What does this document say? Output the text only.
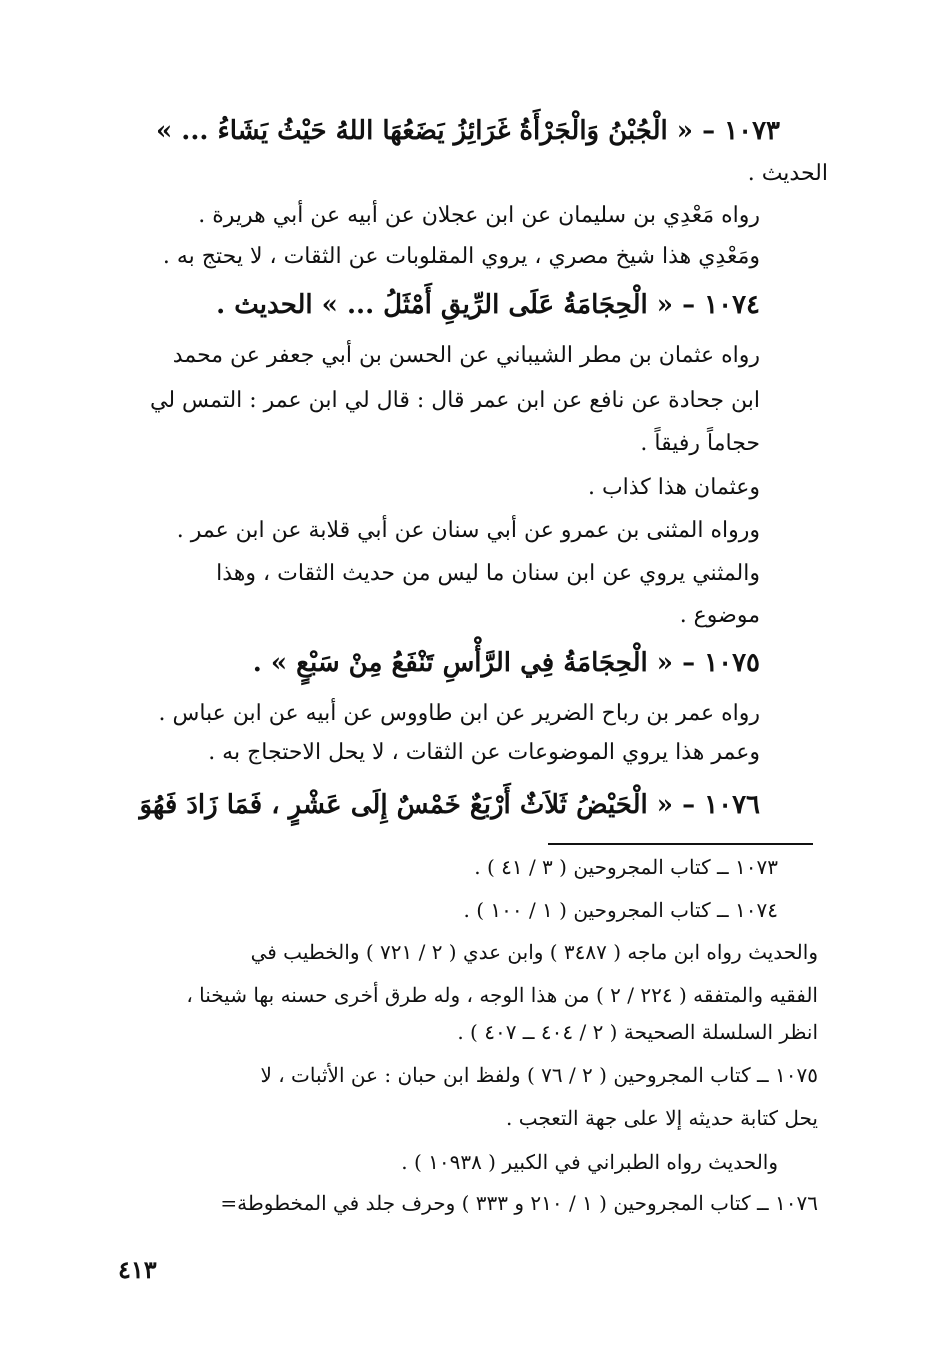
١٠٧٣ – « الْجُبْنُ وَالْجَرْأَةُ غَرَائِزُ يَضَعُهَا اللهُ حَيْثُ يَشَاءُ ... »
الحديث .
رواه مَعْدِي بن سليمان عن ابن عجلان عن أبيه عن أبي هريرة .
ومَعْدِي هذا شيخ مصري ، يروي المقلوبات عن الثقات ، لا يحتج به .
١٠٧٤ – « الْحِجَامَةُ عَلَى الرِّيقِ أَمْثَلُ ... » الحديث .
رواه عثمان بن مطر الشيباني عن الحسن بن أبي جعفر عن محمد
ابن جحادة عن نافع عن ابن عمر قال : قال لي ابن عمر : التمس لي
حجاماً رفيقاً .
وعثمان هذا كذاب .
ورواه المثنى بن عمرو عن أبي سنان عن أبي قلابة عن ابن عمر .
والمثني يروي عن ابن سنان ما ليس من حديث الثقات ، وهذا
موضوع .
١٠٧٥ – « الْحِجَامَةُ فِي الرَّأْسِ تَنْفَعُ مِنْ سَبْعٍ » .
رواه عمر بن رباح الضرير عن ابن طاووس عن أبيه عن ابن عباس .
وعمر هذا يروي الموضوعات عن الثقات ، لا يحل الاحتجاج به .
١٠٧٦ – « الْحَيْضُ ثَلاَثٌ أَرْبَعٌ خَمْسٌ إِلَى عَشْرٍ ، فَمَا زَادَ فَهُوَ
١٠٧٣ ــ كتاب المجروحين ( ٣ / ٤١ ) .
١٠٧٤ ــ كتاب المجروحين ( ١ / ١٠٠ ) .
والحديث رواه ابن ماجه ( ٣٤٨٧ ) وابن عدي ( ٢ / ٧٢١ ) والخطيب في
الفقيه والمتفقه ( ٢٢٤ / ٢ ) من هذا الوجه ، وله طرق أخرى حسنه بها شيخنا ،
انظر السلسلة الصحيحة ( ٢ / ٤٠٤ ــ ٤٠٧ ) .
١٠٧٥ ــ كتاب المجروحين ( ٢ / ٧٦ ) ولفظ ابن حبان : عن الأثبات ، لا
يحل كتابة حديثه إلا على جهة التعجب .
والحديث رواه الطبراني في الكبير ( ١٠٩٣٨ ) .
١٠٧٦ ــ كتاب المجروحين ( ١ / ٢١٠ و ٣٣٣ ) وحرف جلد في المخطوطة=
٤١٣
